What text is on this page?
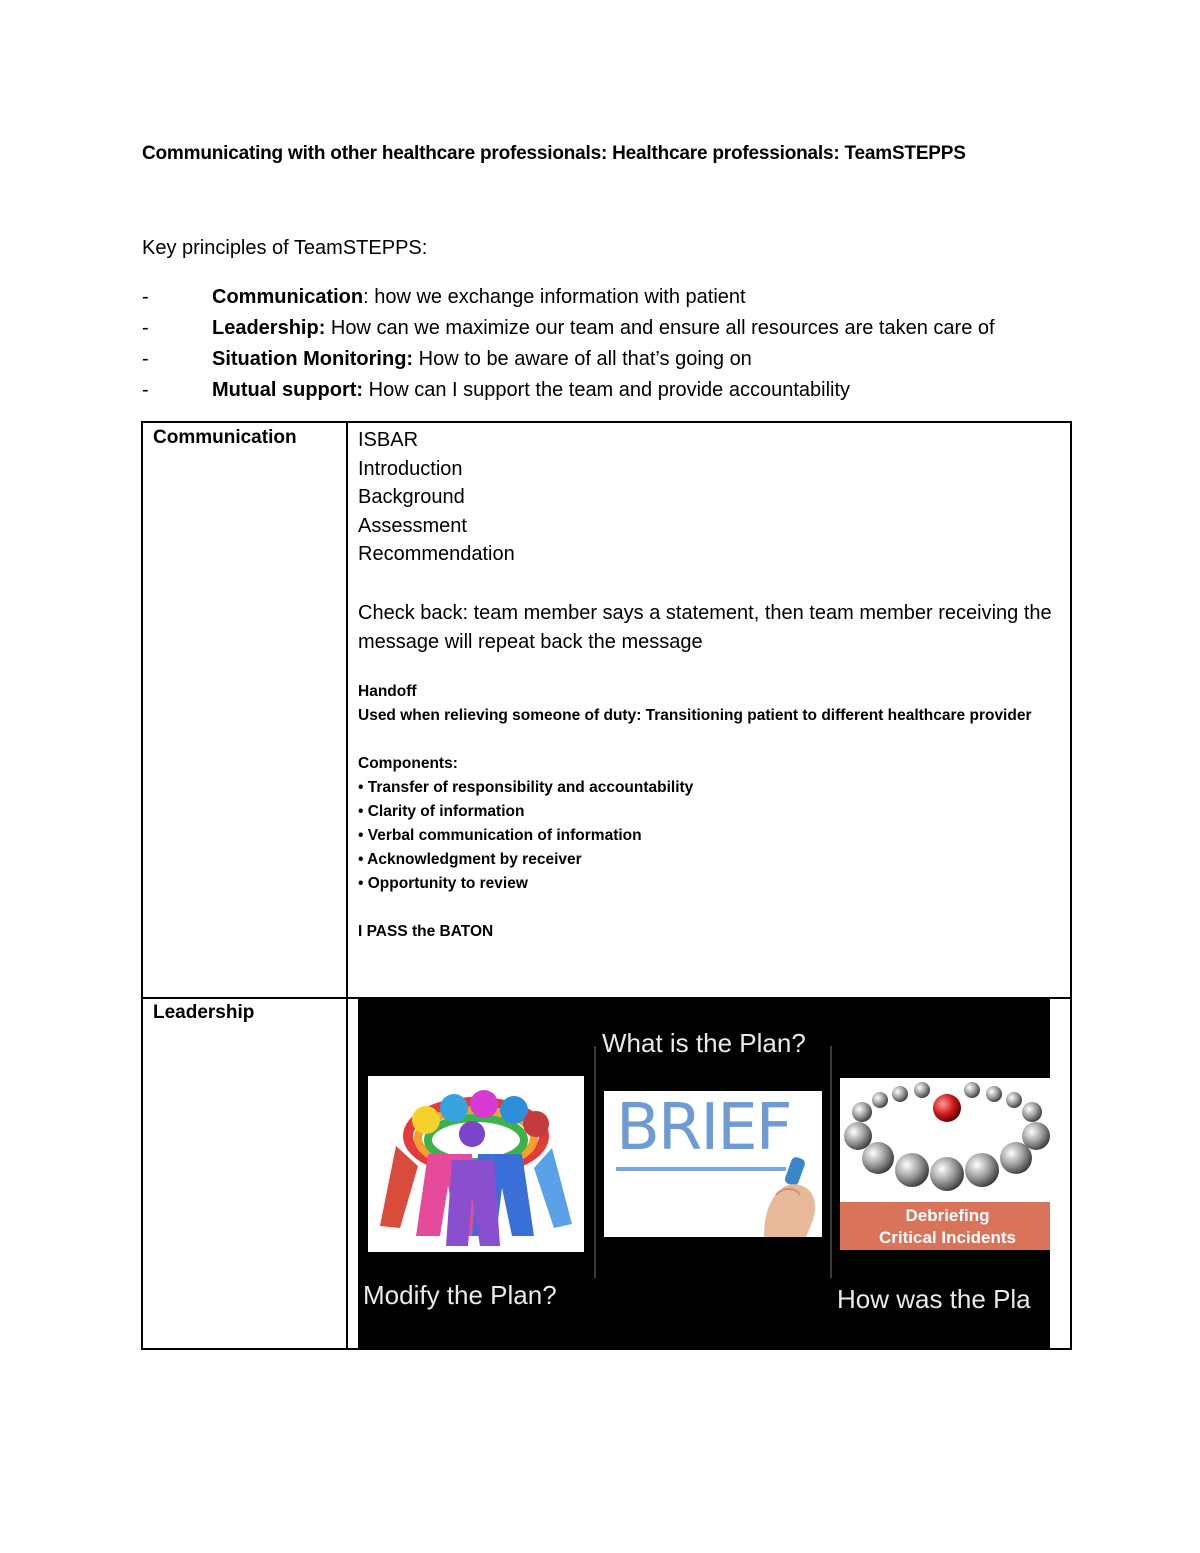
Communicating with other healthcare professionals: Healthcare professionals: TeamSTEPPS
Key principles of TeamSTEPPS:
-	Communication: how we exchange information with patient
-	Leadership: How can we maximize our team and ensure all resources are taken care of
-	Situation Monitoring: How to be aware of all that’s going on
-	Mutual support: How can I support the team and provide accountability
Communication	ISBAR
Introduction
Background
Assessment
Recommendation
Check back: team member says a statement, then team member receiving the message will repeat back the message

Handoff

Used when relieving someone of duty: Transitioning patient to different healthcare provider

Components:

• Transfer of responsibility and accountability

• Clarity of information

• Verbal communication of information

• Acknowledgment by receiver

• Opportunity to review

I PASS the BATON

Leadership
What is the Plan?
Modify the Plan?	How was the Pla
BRIEF
Debriefing
Critical Incidents
